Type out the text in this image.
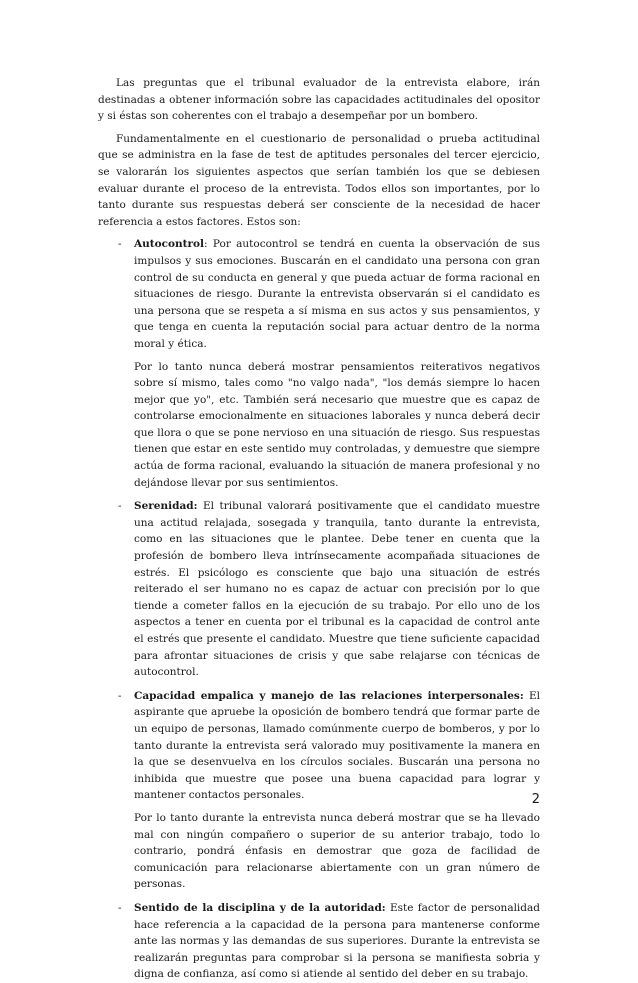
Las preguntas que el tribunal evaluador de la entrevista elabore, irán destinadas a obtener información sobre las capacidades actitudinales del opositor y si éstas son coherentes con el trabajo a desempeñar por un bombero.

Fundamentalmente en el cuestionario de personalidad o prueba actitudinal que se administra en la fase de test de aptitudes personales del tercer ejercicio, se valorarán los siguientes aspectos que serían también los que se debiesen evaluar durante el proceso de la entrevista. Todos ellos son importantes, por lo tanto durante sus respuestas deberá ser consciente de la necesidad de hacer referencia a estos factores. Estos son:

- Autocontrol: Por autocontrol se tendrá en cuenta la observación de sus impulsos y sus emociones. Buscarán en el candidato una persona con gran control de su conducta en general y que pueda actuar de forma racional en situaciones de riesgo. Durante la entrevista observarán si el candidato es una persona que se respeta a sí misma en sus actos y sus pensamientos, y que tenga en cuenta la reputación social para actuar dentro de la norma moral y ética.

Por lo tanto nunca deberá mostrar pensamientos reiterativos negativos sobre sí mismo, tales como "no valgo nada", "los demás siempre lo hacen mejor que yo", etc. También será necesario que muestre que es capaz de controlarse emocionalmente en situaciones laborales y nunca deberá decir que llora o que se pone nervioso en una situación de riesgo. Sus respuestas tienen que estar en este sentido muy controladas, y demuestre que siempre actúa de forma racional, evaluando la situación de manera profesional y no dejándose llevar por sus sentimientos.

- Serenidad: El tribunal valorará positivamente que el candidato muestre una actitud relajada, sosegada y tranquila, tanto durante la entrevista, como en las situaciones que le plantee. Debe tener en cuenta que la profesión de bombero lleva intrínsecamente acompañada situaciones de estrés. El psicólogo es consciente que bajo una situación de estrés reiterado el ser humano no es capaz de actuar con precisión por lo que tiende a cometer fallos en la ejecución de su trabajo. Por ello uno de los aspectos a tener en cuenta por el tribunal es la capacidad de control ante el estrés que presente el candidato. Muestre que tiene suficiente capacidad para afrontar situaciones de crisis y que sabe relajarse con técnicas de autocontrol.

- Capacidad empalica y manejo de las relaciones interpersonales: El aspirante que apruebe la oposición de bombero tendrá que formar parte de un equipo de personas, llamado comúnmente cuerpo de bomberos, y por lo tanto durante la entrevista será valorado muy positivamente la manera en la que se desenvuelva en los círculos sociales. Buscarán una persona no inhibida que muestre que posee una buena capacidad para lograr y mantener contactos personales.

Por lo tanto durante la entrevista nunca deberá mostrar que se ha llevado mal con ningún compañero o superior de su anterior trabajo, todo lo contrario, pondrá énfasis en demostrar que goza de facilidad de comunicación para relacionarse abiertamente con un gran número de personas.

- Sentido de la disciplina y de la autoridad: Este factor de personalidad hace referencia a la capacidad de la persona para mantenerse conforme ante las normas y las demandas de sus superiores. Durante la entrevista se realizarán preguntas para comprobar si la persona se manifiesta sobria y digna de confianza, así como si atiende al sentido del deber en su trabajo.

2
